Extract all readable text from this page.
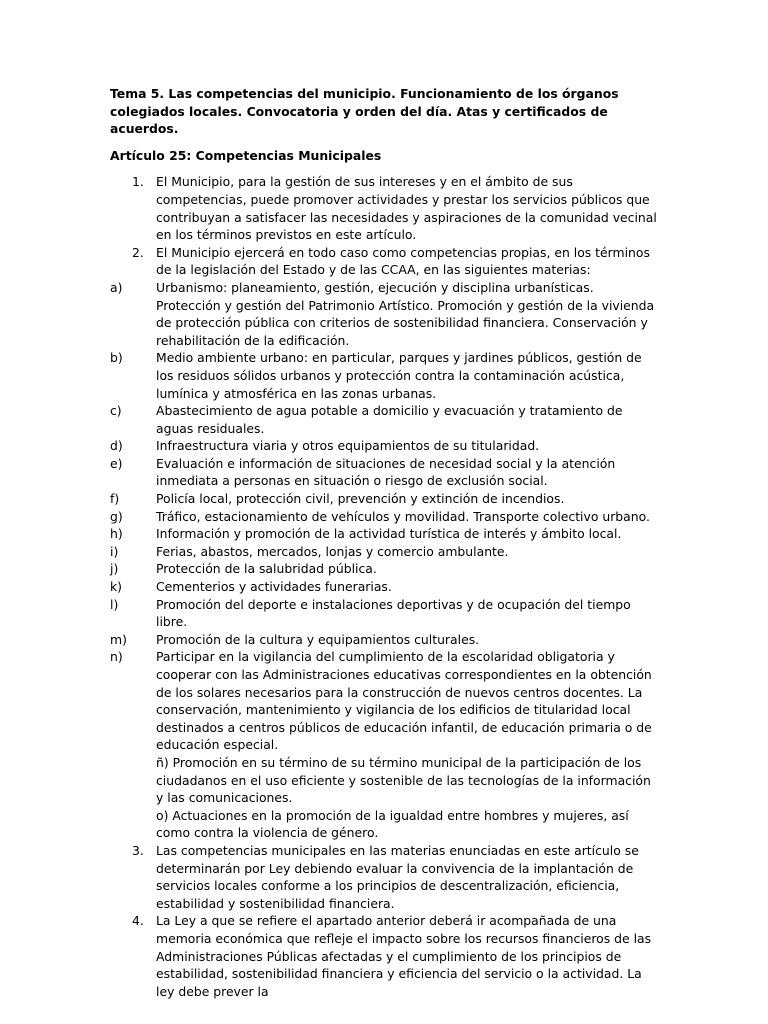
Tema 5. Las competencias del municipio. Funcionamiento de los órganos colegiados locales. Convocatoria y orden del día. Atas y certificados de acuerdos.

Artículo 25: Competencias Municipales

1. El Municipio, para la gestión de sus intereses y en el ámbito de sus competencias, puede promover actividades y prestar los servicios públicos que contribuyan a satisfacer las necesidades y aspiraciones de la comunidad vecinal en los términos previstos en este artículo.
2. El Municipio ejercerá en todo caso como competencias propias, en los términos de la legislación del Estado y de las CCAA, en las siguientes materias:
a)	Urbanismo: planeamiento, gestión, ejecución y disciplina urbanísticas. Protección y gestión del Patrimonio Artístico. Promoción y gestión de la vivienda de protección pública con criterios de sostenibilidad financiera. Conservación y rehabilitación de la edificación.
b)	Medio ambiente urbano: en particular, parques y jardines públicos, gestión de los residuos sólidos urbanos y protección contra la contaminación acústica, lumínica y atmosférica en las zonas urbanas.
c)	Abastecimiento de agua potable a domicilio y evacuación y tratamiento de aguas residuales.
d)	Infraestructura viaria y otros equipamientos de su titularidad.
e)	Evaluación e información de situaciones de necesidad social y la atención inmediata a personas en situación o riesgo de exclusión social.
f)	Policía local, protección civil, prevención y extinción de incendios.
g)	Tráfico, estacionamiento de vehículos y movilidad. Transporte colectivo urbano.
h)	Información y promoción de la actividad turística de interés y ámbito local.
i)	Ferias, abastos, mercados, lonjas y comercio ambulante.
j)	Protección de la salubridad pública.
k)	Cementerios y actividades funerarias.
l)	Promoción del deporte e instalaciones deportivas y de ocupación del tiempo libre.
m)	Promoción de la cultura y equipamientos culturales.
n)	Participar en la vigilancia del cumplimiento de la escolaridad obligatoria y cooperar con las Administraciones educativas correspondientes en la obtención de los solares necesarios para la construcción de nuevos centros docentes. La conservación, mantenimiento y vigilancia de los edificios de titularidad local destinados a centros públicos de educación infantil, de educación primaria o de educación especial.
ñ) Promoción en su término de su término municipal de la participación de los ciudadanos en el uso eficiente y sostenible de las tecnologías de la información y las comunicaciones.
o) Actuaciones en la promoción de la igualdad entre hombres y mujeres, así como contra la violencia de género.
3. Las competencias municipales en las materias enunciadas en este artículo se determinarán por Ley debiendo evaluar la convivencia de la implantación de servicios locales conforme a los principios de descentralización, eficiencia, estabilidad y sostenibilidad financiera.
4. La Ley a que se refiere el apartado anterior deberá ir acompañada de una memoria económica que refleje el impacto sobre los recursos financieros de las Administraciones Públicas afectadas y el cumplimiento de los principios de estabilidad, sostenibilidad financiera y eficiencia del servicio o la actividad. La ley debe prever la
